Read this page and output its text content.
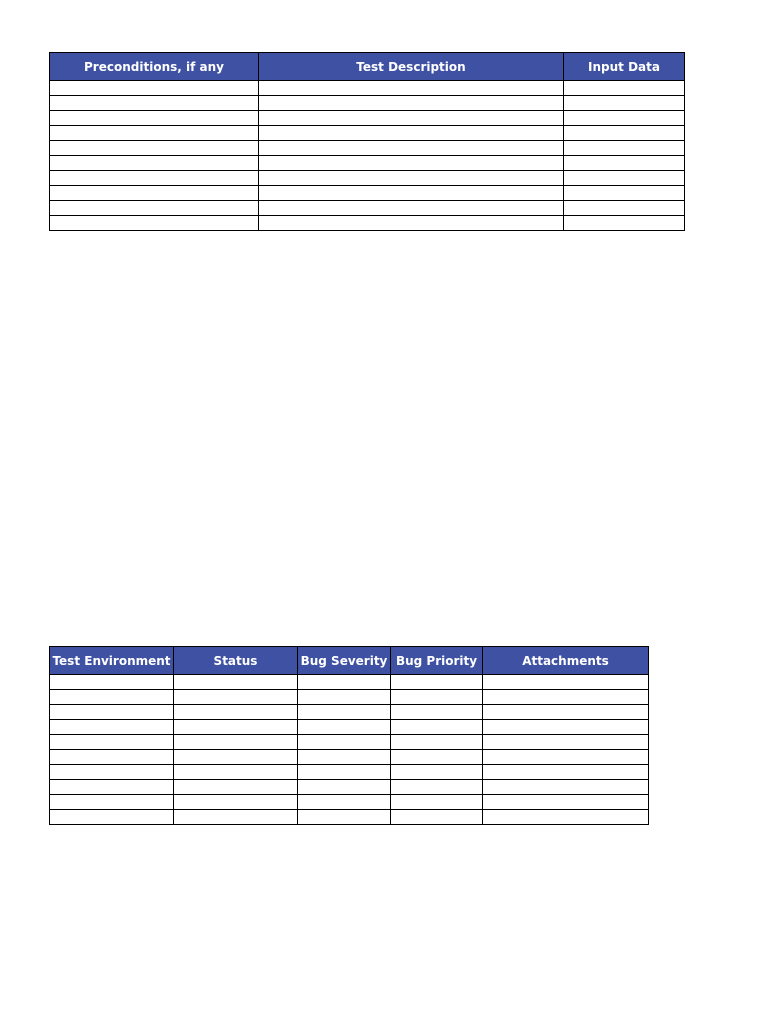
Preconditions, if any	Test Description	Input Data

Test Environment	Status	Bug Severity	Bug Priority	Attachments
